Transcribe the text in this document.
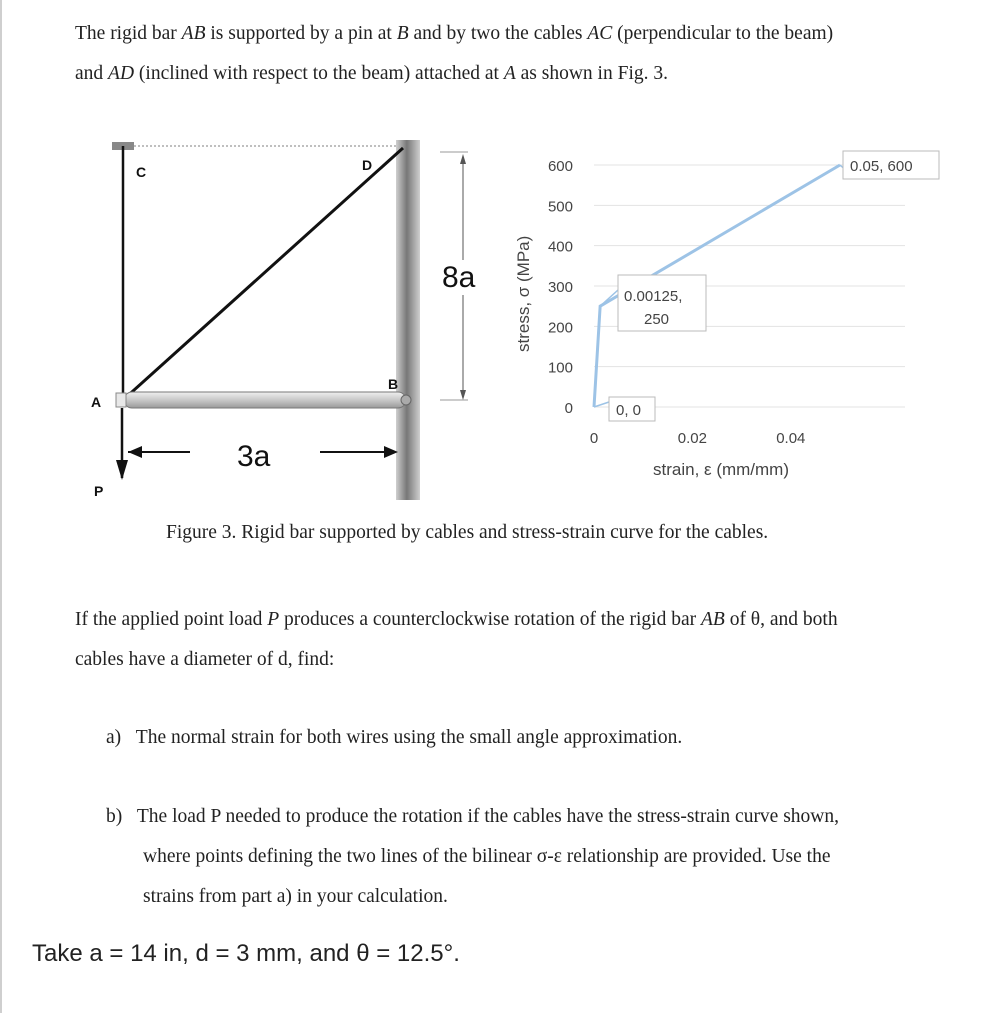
The rigid bar AB is supported by a pin at B and by two the cables AC (perpendicular to the beam)
and AD (inclined with respect to the beam) attached at A as shown in Fig. 3.
C	D
A
B
P
8a
3a
0
100
200
300
400
500
600
0	0.02	0.04
0, 0
0.00125,
250
0.05, 600
strain, ε (mm/mm)
stress, σ (MPa)
Figure 3. Rigid bar supported by cables and stress-strain curve for the cables.
If the applied point load P produces a counterclockwise rotation of the rigid bar AB of θ, and both
cables have a diameter of d, find:
a) The normal strain for both wires using the small angle approximation.
b) The load P needed to produce the rotation if the cables have the stress-strain curve shown,
where points defining the two lines of the bilinear σ-ε relationship are provided. Use the
strains from part a) in your calculation.
Take a = 14 in, d = 3 mm, and θ = 12.5°.
